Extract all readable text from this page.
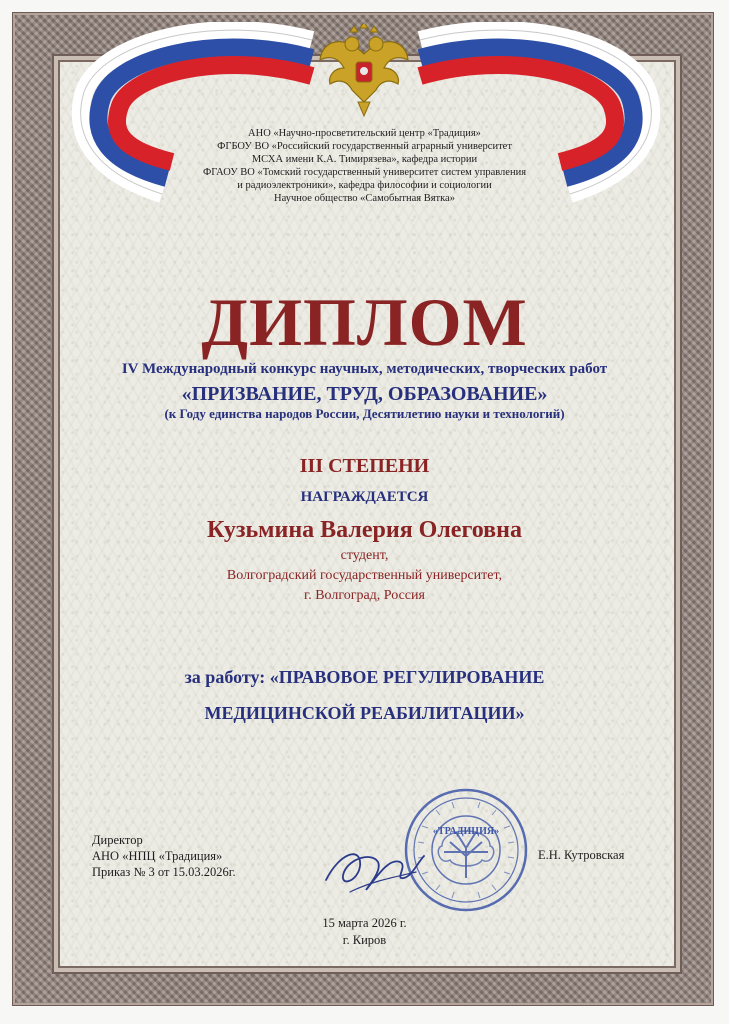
АНО «Научно-просветительский центр «Традиция»
ФГБОУ ВО «Российский государственный аграрный университет
МСХА имени К.А. Тимирязева», кафедра истории
ФГАОУ ВО «Томский государственный университет систем управления
и радиоэлектроники», кафедра философии и социологии
Научное общество «Самобытная Вятка»
ДИПЛОМ
IV Международный конкурс научных, методических, творческих работ
«ПРИЗВАНИЕ, ТРУД, ОБРАЗОВАНИЕ»
(к Году единства народов России, Десятилетию науки и технологий)
III СТЕПЕНИ
НАГРАЖДАЕТСЯ
Кузьмина Валерия Олеговна
студент,
Волгоградский государственный университет,
г. Волгоград, Россия
за работу: «ПРАВОВОЕ РЕГУЛИРОВАНИЕ
МЕДИЦИНСКОЙ РЕАБИЛИТАЦИИ»
Директор
АНО «НПЦ «Традиция»
Приказ № 3 от 15.03.2026г.
«ТРАДИЦИЯ»
Е.Н. Кутровская
15 марта 2026 г.
г. Киров
